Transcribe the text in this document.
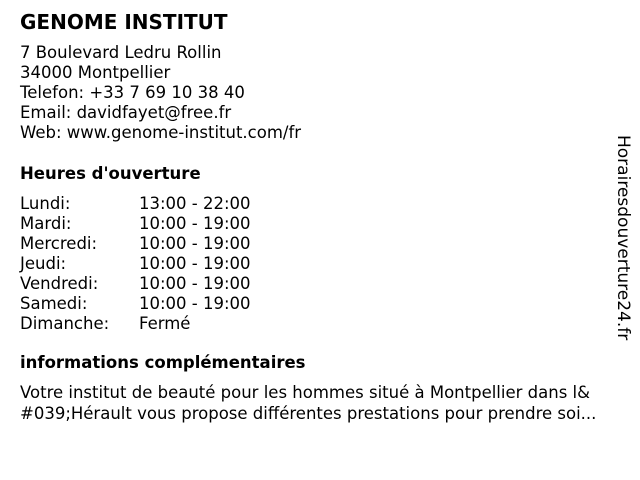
GENOME INSTITUT
7 Boulevard Ledru Rollin
34000 Montpellier
Telefon: +33 7 69 10 38 40
Email: davidfayet@free.fr
Web: www.genome-institut.com/fr
Heures d'ouverture
Lundi:	13:00 - 22:00
Mardi:	10:00 - 19:00
Mercredi:	10:00 - 19:00
Jeudi:	10:00 - 19:00
Vendredi:	10:00 - 19:00
Samedi:	10:00 - 19:00
Dimanche:	Fermé
informations complémentaires
Votre institut de beauté pour les hommes situé à Montpellier dans l&
#039;Hérault vous propose différentes prestations pour prendre soi...
Horairesdouverture24.fr
